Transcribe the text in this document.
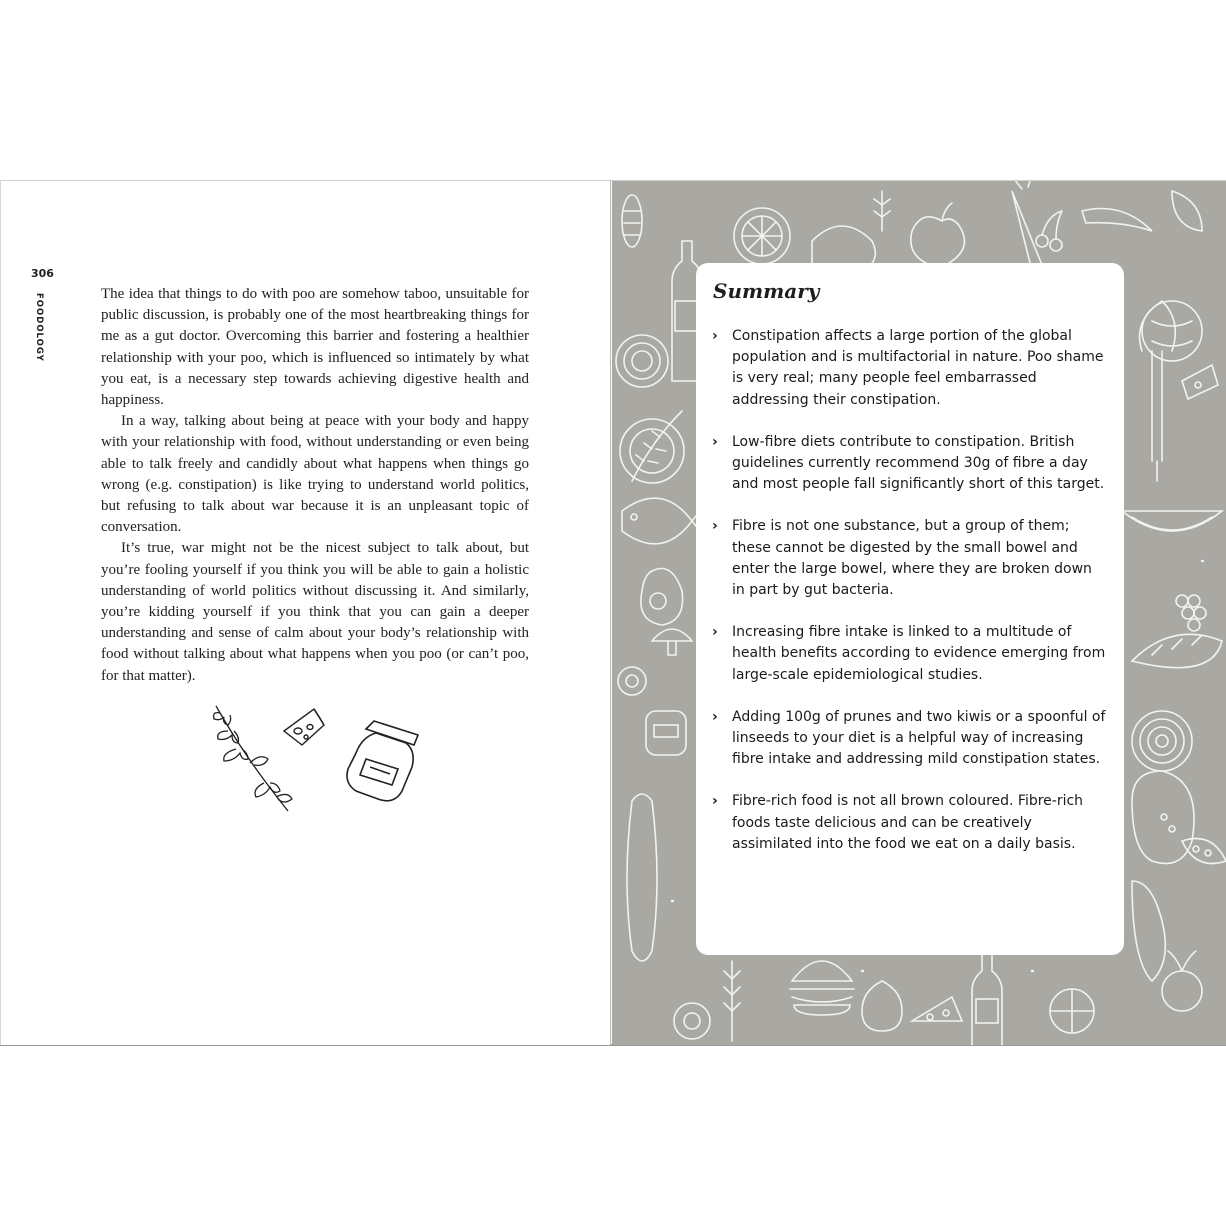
306
FOODOLOGY	The idea that things to do with poo are somehow taboo, unsuitable for public discussion, is probably one of the most heartbreaking things for me as a gut doctor. Overcoming this barrier and fostering a healthier relationship with your poo, which is influenced so intimately by what you eat, is a necessary step towards achieving digestive health and happiness.

In a way, talking about being at peace with your body and happy with your relationship with food, without understanding or even being able to talk freely and candidly about what happens when things go wrong (e.g. constipation) is like trying to understand world politics, but refusing to talk about war because it is an unpleasant topic of conversation.

It’s true, war might not be the nicest subject to talk about, but you’re fooling yourself if you think you will be able to gain a holistic understanding of world politics without discussing it. And similarly, you’re kidding yourself if you think that you can gain a deeper understanding and sense of calm about your body’s relationship with food without talking about what happens when you poo (or can’t poo, for that matter).

Summary
› Constipation affects a large portion of the global population and is multifactorial in nature. Poo shame is very real; many people feel embarrassed addressing their constipation.
› Low-fibre diets contribute to constipation. British guidelines currently recommend 30g of fibre a day and most people fall significantly short of this target.
› Fibre is not one substance, but a group of them; these cannot be digested by the small bowel and enter the large bowel, where they are broken down in part by gut bacteria.
› Increasing fibre intake is linked to a multitude of health benefits according to evidence emerging from large-scale epidemiological studies.
› Adding 100g of prunes and two kiwis or a spoonful of linseeds to your diet is a helpful way of increasing fibre intake and addressing mild constipation states.
› Fibre-rich food is not all brown coloured. Fibre-rich foods taste delicious and can be creatively assimilated into the food we eat on a daily basis.
